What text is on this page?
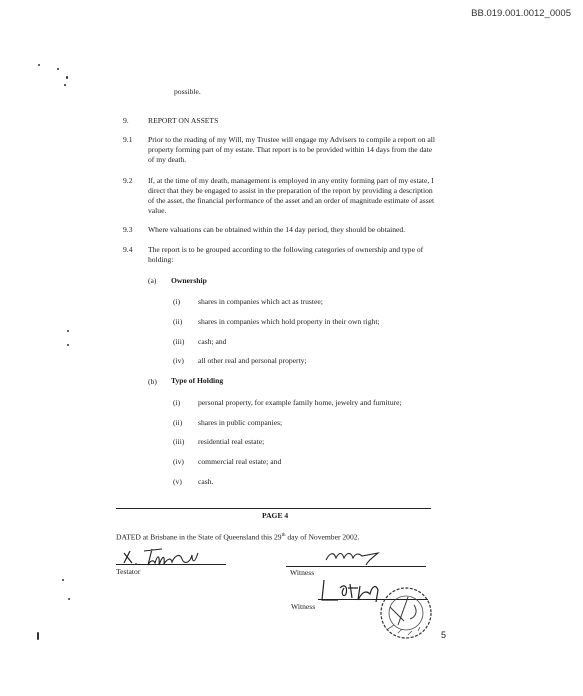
BB.019.001.0012_0005
possible.
9.	REPORT ON ASSETS
9.1 Prior to the reading of my Will, my Trustee will engage my Advisers to compile a report on all property forming part of my estate. That report is to be provided within 14 days from the date of my death.
9.2 If, at the time of my death, management is employed in any entity forming part of my estate, I direct that they be engaged to assist in the preparation of the report by providing a description of the asset, the financial performance of the asset and an order of magnitude estimate of asset value.
9.3 Where valuations can be obtained within the 14 day period, they should be obtained.
9.4 The report is to be grouped according to the following categories of ownership and type of holding:
(a) Ownership
(i) shares in companies which act as trustee;
(ii) shares in companies which hold property in their own right;
(iii) cash; and
(iv) all other real and personal property;
(b) Type of Holding
(i) personal property, for example family home, jewelry and furniture;
(ii) shares in public companies;
(iii) residential real estate;
(iv) commercial real estate; and
(v) cash.
PAGE 4
DATED at Brisbane in the State of Queensland this 29th day of November 2002.
Testator	Witness
Witness
5
